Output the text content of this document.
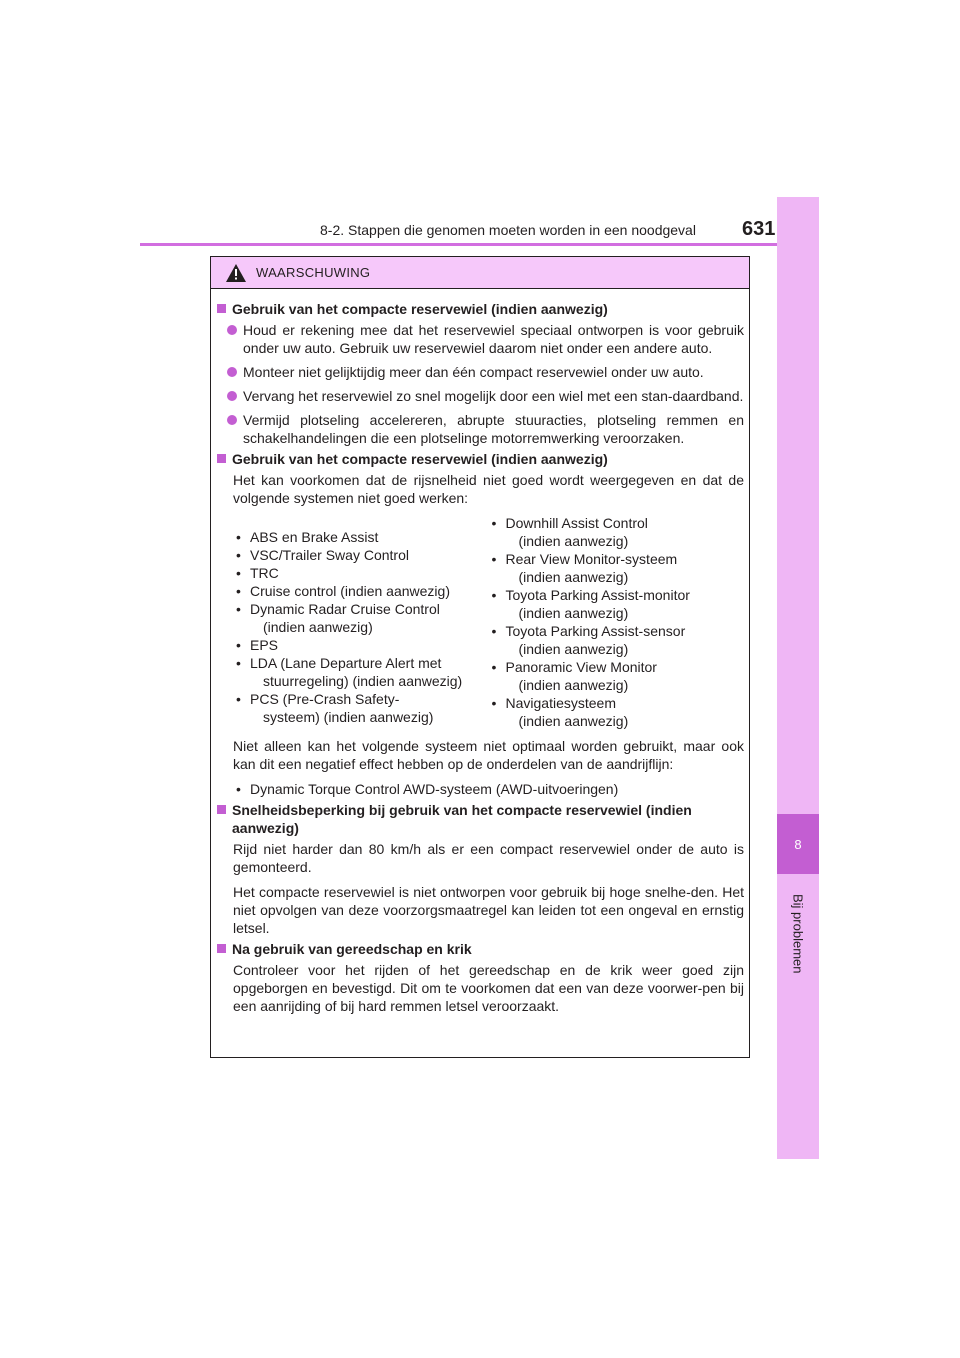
8-2. Stappen die genomen moeten worden in een noodgeval 631
8
Bij problemen
WAARSCHUWING
Gebruik van het compacte reservewiel (indien aanwezig)
Houd er rekening mee dat het reservewiel speciaal ontworpen is voor gebruik onder uw auto. Gebruik uw reservewiel daarom niet onder een andere auto.
Monteer niet gelijktijdig meer dan één compact reservewiel onder uw auto.
Vervang het reservewiel zo snel mogelijk door een wiel met een stan-daardband.
Vermijd plotseling accelereren, abrupte stuuracties, plotseling remmen en schakelhandelingen die een plotselinge motorremwerking veroorzaken.
Gebruik van het compacte reservewiel (indien aanwezig)
Het kan voorkomen dat de rijsnelheid niet goed wordt weergegeven en dat de volgende systemen niet goed werken:
• ABS en Brake Assist
• VSC/Trailer Sway Control
• TRC
• Cruise control (indien aanwezig)
• Dynamic Radar Cruise Control
(indien aanwezig)
• EPS
• LDA (Lane Departure Alert met
stuurregeling) (indien aanwezig)
• PCS (Pre-Crash Safety-
systeem) (indien aanwezig)
• Downhill Assist Control
(indien aanwezig)
• Rear View Monitor-systeem
(indien aanwezig)
• Toyota Parking Assist-monitor
(indien aanwezig)
• Toyota Parking Assist-sensor
(indien aanwezig)
• Panoramic View Monitor
(indien aanwezig)
• Navigatiesysteem
(indien aanwezig)
Niet alleen kan het volgende systeem niet optimaal worden gebruikt, maar ook kan dit een negatief effect hebben op de onderdelen van de aandrijflijn:
• Dynamic Torque Control AWD-systeem (AWD-uitvoeringen)
Snelheidsbeperking bij gebruik van het compacte reservewiel (indien aanwezig)
Rijd niet harder dan 80 km/h als er een compact reservewiel onder de auto is gemonteerd.
Het compacte reservewiel is niet ontworpen voor gebruik bij hoge snelhe-den. Het niet opvolgen van deze voorzorgsmaatregel kan leiden tot een ongeval en ernstig letsel.
Na gebruik van gereedschap en krik
Controleer voor het rijden of het gereedschap en de krik weer goed zijn opgeborgen en bevestigd. Dit om te voorkomen dat een van deze voorwer-pen bij een aanrijding of bij hard remmen letsel veroorzaakt.
